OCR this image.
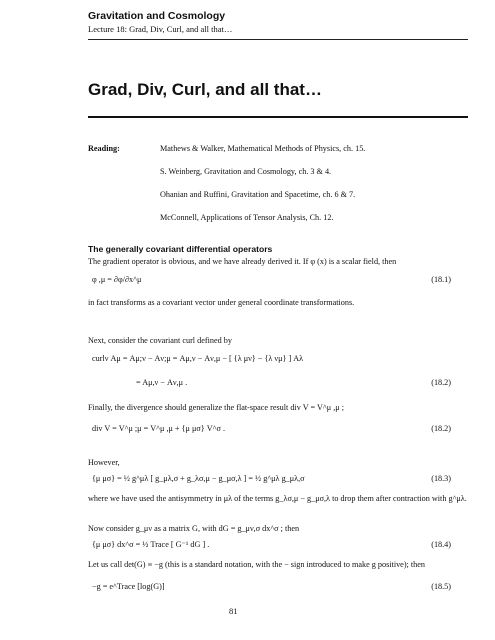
Gravitation and Cosmology
Lecture 18: Grad, Div, Curl, and all that…
Grad, Div, Curl, and all that…
Reading:	Mathews & Walker, Mathematical Methods of Physics, ch. 15.
S. Weinberg, Gravitation and Cosmology, ch. 3 & 4.
Ohanian and Ruffini, Gravitation and Spacetime, ch. 6 & 7.
McConnell, Applications of Tensor Analysis, Ch. 12.
The generally covariant differential operators
The gradient operator is obvious, and we have already derived it. If φ (x) is a scalar field, then
φ ,μ = ∂φ/∂x^μ	(18.1)
in fact transforms as a covariant vector under general coordinate transformations.
Next, consider the covariant curl defined by
curlν Aμ = Aμ;ν − Aν;μ = Aμ,ν − Aν,μ − [ {λ μν} − {λ νμ} ] Aλ
= Aμ,ν − Aν,μ .	(18.2)
Finally, the divergence should generalize the flat-space result div V = V^μ ,μ ;
div V = V^μ ;μ = V^μ ,μ + {μ μσ} V^σ .	(18.2)
However,
{μ μσ} = ½ g^μλ [ g_μλ,σ + g_λσ,μ − g_μσ,λ ] = ½ g^μλ g_μλ,σ	(18.3)
where we have used the antisymmetry in μλ of the terms g_λσ,μ − g_μσ,λ to drop them after contraction with g^μλ.
Now consider g_μν as a matrix G, with dG = g_μν,σ dx^σ ; then
{μ μσ} dx^σ = ½ Trace [ G⁻¹ dG ] .	(18.4)
Let us call det(G) ≡ −g (this is a standard notation, with the − sign introduced to make g positive); then
−g = e^Trace [log(G)]	(18.5)
81
